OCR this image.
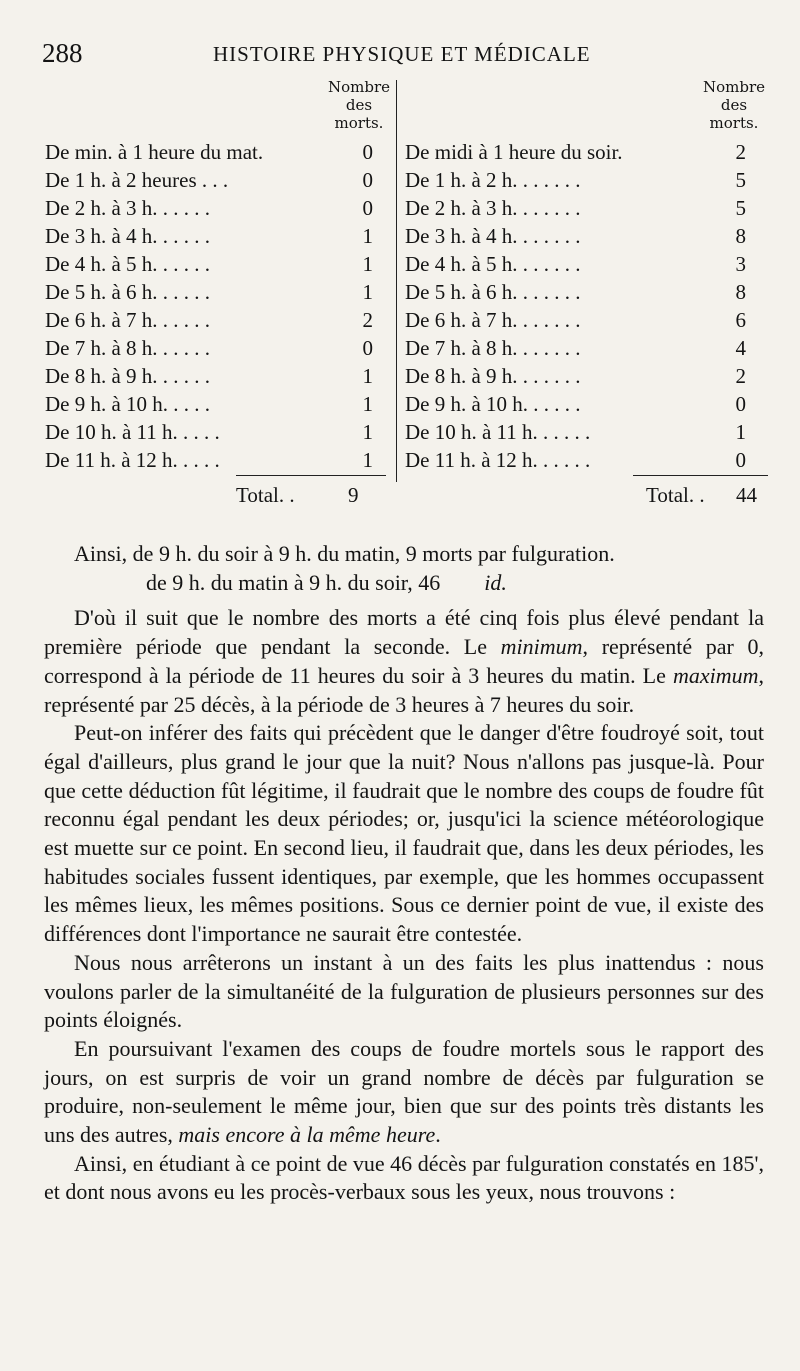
288	HISTOIRE PHYSIQUE ET MÉDICALE
Nombre
des
morts.
De min. à 1 heure du mat.	0
De 1 h. à 2 heures . . .	0
De 2 h. à 3 h. . . . . .	0
De 3 h. à 4 h. . . . . .	1
De 4 h. à 5 h. . . . . .	1
De 5 h. à 6 h. . . . . .	1
De 6 h. à 7 h. . . . . .	2
De 7 h. à 8 h. . . . . .	0
De 8 h. à 9 h. . . . . .	1
De 9 h. à 10 h. . . . .	1
De 10 h. à 11 h. . . . .	1
De 11 h. à 12 h. . . . .	1
Total. .	9
Nombre
des
morts.
De midi à 1 heure du soir.	2
De 1 h. à 2 h. . . . . . .	5
De 2 h. à 3 h. . . . . . .	5
De 3 h. à 4 h. . . . . . .	8
De 4 h. à 5 h. . . . . . .	3
De 5 h. à 6 h. . . . . . .	8
De 6 h. à 7 h. . . . . . .	6
De 7 h. à 8 h. . . . . . .	4
De 8 h. à 9 h. . . . . . .	2
De 9 h. à 10 h. . . . . .	0
De 10 h. à 11 h. . . . . .	1
De 11 h. à 12 h. . . . . .	0
Total. . 44

Ainsi, de 9 h. du soir à 9 h. du matin, 9 morts par fulguration.

de 9 h. du matin à 9 h. du soir, 46 id.

D'où il suit que le nombre des morts a été cinq fois plus élevé pendant la première période que pendant la seconde. Le minimum, représenté par 0, correspond à la période de 11 heures du soir à 3 heures du matin. Le maximum, représenté par 25 décès, à la période de 3 heures à 7 heures du soir.

Peut-on inférer des faits qui précèdent que le danger d'être foudroyé soit, tout égal d'ailleurs, plus grand le jour que la nuit? Nous n'allons pas jusque-là. Pour que cette déduction fût légitime, il faudrait que le nombre des coups de foudre fût reconnu égal pendant les deux périodes; or, jusqu'ici la science météorologique est muette sur ce point. En second lieu, il faudrait que, dans les deux périodes, les habitudes sociales fussent identiques, par exemple, que les hommes occupassent les mêmes lieux, les mêmes positions. Sous ce dernier point de vue, il existe des différences dont l'importance ne saurait être contestée.

Nous nous arrêterons un instant à un des faits les plus inattendus : nous voulons parler de la simultanéité de la fulguration de plusieurs personnes sur des points éloignés.

En poursuivant l'examen des coups de foudre mortels sous le rapport des jours, on est surpris de voir un grand nombre de décès par fulguration se produire, non-seulement le même jour, bien que sur des points très distants les uns des autres, mais encore à la même heure.

Ainsi, en étudiant à ce point de vue 46 décès par fulguration constatés en 185', et dont nous avons eu les procès-verbaux sous les yeux, nous trouvons :
